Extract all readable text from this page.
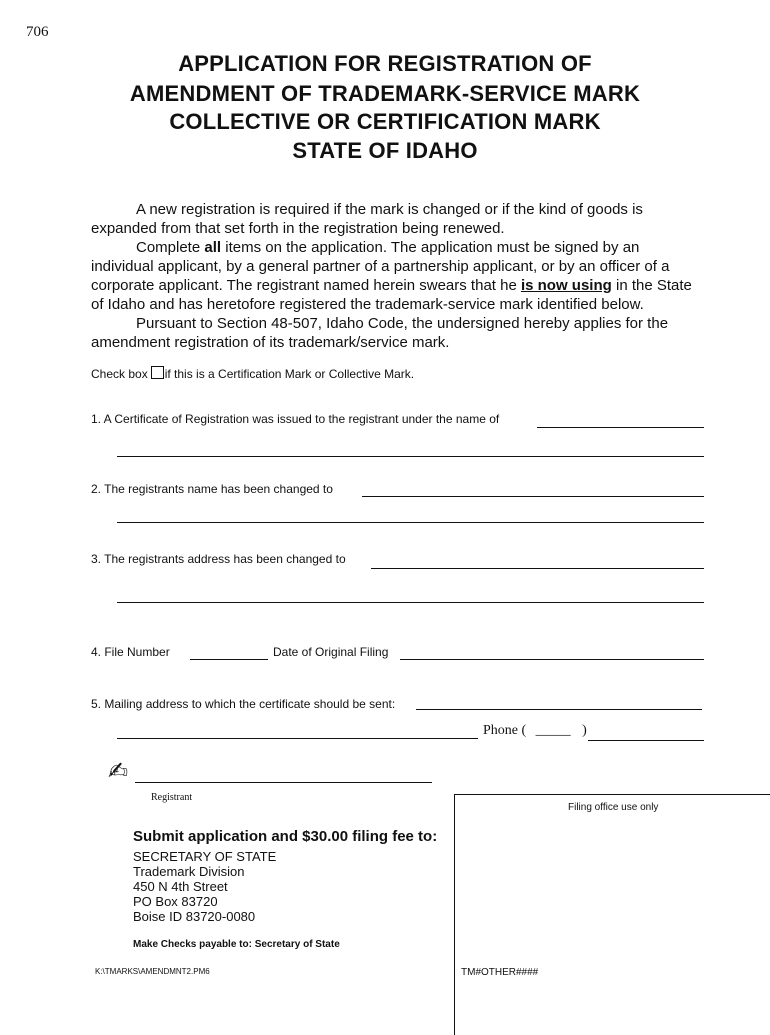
706
APPLICATION FOR REGISTRATION OF
AMENDMENT OF TRADEMARK-SERVICE MARK
COLLECTIVE OR CERTIFICATION MARK
STATE OF IDAHO

A new registration is required if the mark is changed or if the kind of goods is expanded from that set forth in the registration being renewed.

Complete all items on the application. The application must be signed by an individual applicant, by a general partner of a partnership applicant, or by an officer of a corporate applicant. The registrant named herein swears that he is now using in the State of Idaho and has heretofore registered the trademark-service mark identified below.

Pursuant to Section 48-507, Idaho Code, the undersigned hereby applies for the amendment registration of its trademark/service mark.

Check box if this is a Certification Mark or Collective Mark.
1. A Certificate of Registration was issued to the registrant under the name of
2. The registrants name has been changed to
3. The registrants address has been changed to
4. File Number	Date of Original Filing
5. Mailing address to which the certificate should be sent:
Phone ( _____ )
✍
Registrant
Filing office use only
TM#OTHER####
Submit application and $30.00 filing fee to:
SECRETARY OF STATE
Trademark Division
450 N 4th Street
PO Box 83720
Boise ID 83720-0080
Make Checks payable to: Secretary of State
K:\TMARKS\AMENDMNT2.PM6
